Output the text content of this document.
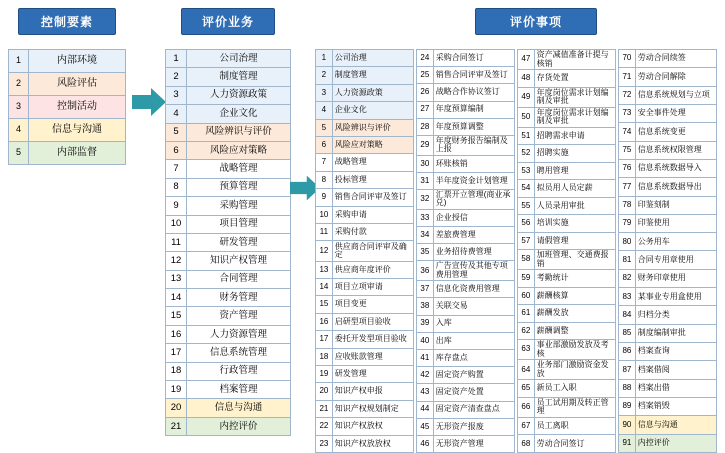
控制要素
1	内部环境
2	风险评估
3	控制活动
4	信息与沟通
5	内部监督
评价业务
1	公司治理
2	制度管理
3	人力资源政策
4	企业文化
5	风险辨识与评价
6	风险应对策略
7	战略管理
8	预算管理
9	采购管理
10	项目管理
11	研发管理
12	知识产权管理
13	合同管理
14	财务管理
15	资产管理
16	人力资源管理
17	信息系统管理
18	行政管理
19	档案管理
20	信息与沟通
21	内控评价
评价事项
1	公司治理
2	制度管理
3	人力资源政策
4	企业文化
5	风险辨识与评价
6	风险应对策略
7	战略管理
8	投标管理
9	销售合同评审及签订
10	采购申请
11	采购付款
12	供应商合同评审及确定
13	供应商年度评价
14	项目立项审请
15	项目变更
16	启研型项目验收
17	委托开发型项目验收
18	应收账款管理
19	研发管理
20	知识产权申报
21	知识产权规划制定
22	知识产权放权
23	知识产权放放权
24	采购合同签订
25	销售合同评审及签订
26	战略合作协议签订
27	年度预算编制
28	年度预算调整
29	年度财务报告编制及上报
30	环账核销
31	半年度资金计划管理
32	汇票开立管理(商业承兑)
33	企业授信
34	差旅费管理
35	业务招待费管理
36	广告宣传及其他专项费用管理
37	信息化资费用管理
38	关联交易
39	入库
40	出库
41	库存盘点
42	固定资产购置
43	固定资产处置
44	固定资产清查盘点
45	无形资产报废
46	无形资产管理
47	资产减值准备计提与核销
48	存货处置
49	年度岗位需求计划编制及审批
50	年度岗位需求计划编制及审批
51	招聘需求申请
52	招聘实施
53	聘用管理
54	拟员用人员定薪
55	人员录用审批
56	培训实施
57	请假管理
58	加班管理、交通费报销
59	考勤统计
60	薪酬核算
61	薪酬发放
62	薪酬调整
63	事业部激励发放及考核
64	业务部门激励资金发放
65	新员工入职
66	员工试用期及转正管理
67	员工离职
68	劳动合同签订
70	劳动合同续签
71	劳动合同解除
72	信息系统规划与立项
73	安全事件处理
74	信息系统变更
75	信息系统权限管理
76	信息系统数据导入
77	信息系统数据导出
78	印鉴刻制
79	印鉴使用
80	公务用车
81	合同专用章使用
82	财务印章使用
83	某事业专用盒使用
84	归档分类
85	制度编制审批
86	档案查询
87	档案借阅
88	档案出借
89	档案销毁
90	信息与沟通
91	内控评价
